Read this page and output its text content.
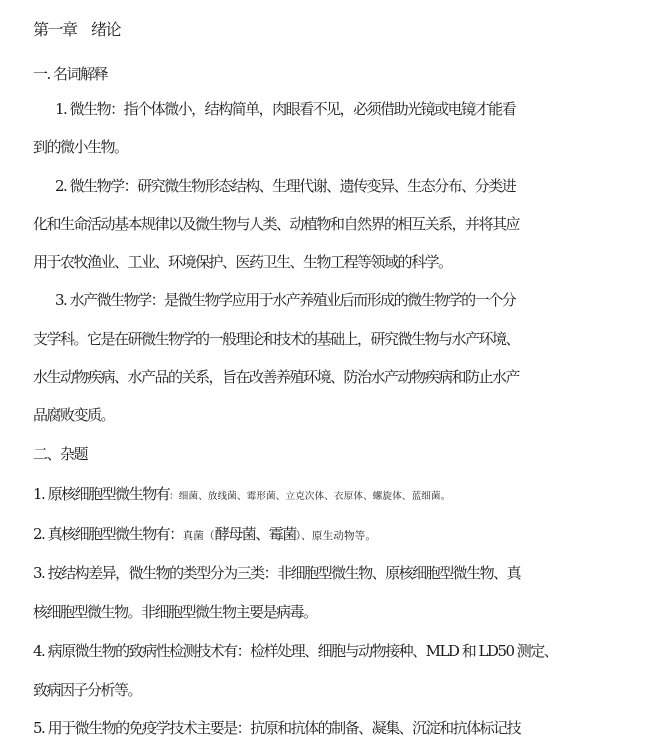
第一章　绪论
一. 名词解释
1. 微生物：指个体微小，结构简单，肉眼看不见，必须借助光镜或电镜才能看
到的微小生物。
2. 微生物学：研究微生物形态结构、生理代谢、遗传变异、生态分布、分类进
化和生命活动基本规律以及微生物与人类、动植物和自然界的相互关系，并将其应
用于农牧渔业、工业、环境保护、医药卫生、生物工程等领域的科学。
3. 水产微生物学：是微生物学应用于水产养殖业后而形成的微生物学的一个分
支学科。它是在研微生物学的一般理论和技术的基础上，研究微生物与水产环境、
水生动物疾病、水产品的关系，旨在改善养殖环境、防治水产动物疾病和防止水产
品腐败变质。
二、杂题
1. 原核细胞型微生物有：细菌、放线菌、霉形菌、立克次体、衣原体、螺旋体、蓝细菌。
2. 真核细胞型微生物有：真菌（酵母菌、霉菌）、原生动物等。
3. 按结构差异，微生物的类型分为三类：非细胞型微生物、原核细胞型微生物、真
核细胞型微生物。非细胞型微生物主要是病毒。
4. 病原微生物的致病性检测技术有：检样处理、细胞与动物接种、MLD 和 LD50 测定、
致病因子分析等。
5. 用于微生物的免疫学技术主要是：抗原和抗体的制备、凝集、沉淀和抗体标记技
